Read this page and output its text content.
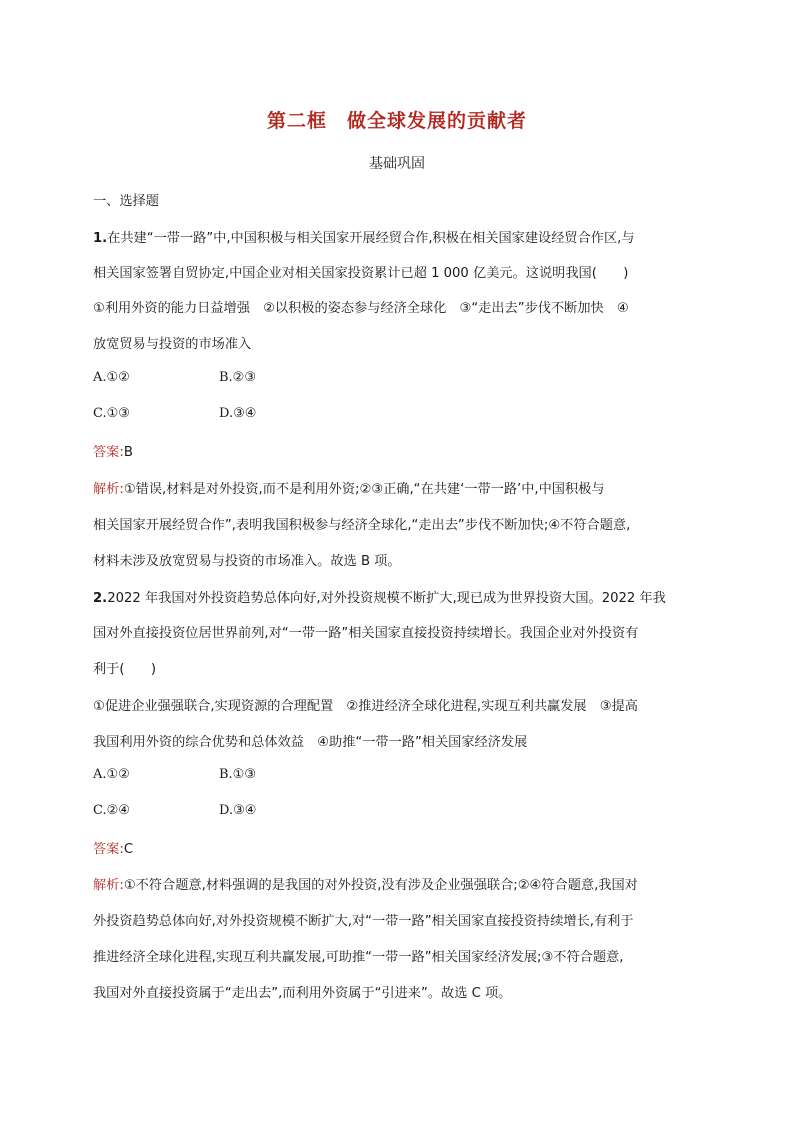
第二框　做全球发展的贡献者
基础巩固
一、选择题
1.在共建“一带一路”中,中国积极与相关国家开展经贸合作,积极在相关国家建设经贸合作区,与
相关国家签署自贸协定,中国企业对相关国家投资累计已超 1 000 亿美元。这说明我国(　　)
①利用外资的能力日益增强　②以积极的姿态参与经济全球化　③“走出去”步伐不断加快　④
放宽贸易与投资的市场准入
A.①②	B.②③
C.①③	D.③④
答案:B
解析:①错误,材料是对外投资,而不是利用外资;②③正确,“在共建‘一带一路’中,中国积极与
相关国家开展经贸合作”,表明我国积极参与经济全球化,“走出去”步伐不断加快;④不符合题意,
材料未涉及放宽贸易与投资的市场准入。故选 B 项。
2.2022 年我国对外投资趋势总体向好,对外投资规模不断扩大,现已成为世界投资大国。2022 年我
国对外直接投资位居世界前列,对“一带一路”相关国家直接投资持续增长。我国企业对外投资有
利于(　　)
①促进企业强强联合,实现资源的合理配置　②推进经济全球化进程,实现互利共赢发展　③提高
我国利用外资的综合优势和总体效益　④助推“一带一路”相关国家经济发展
A.①②	B.①③
C.②④	D.③④
答案:C
解析:①不符合题意,材料强调的是我国的对外投资,没有涉及企业强强联合;②④符合题意,我国对
外投资趋势总体向好,对外投资规模不断扩大,对“一带一路”相关国家直接投资持续增长,有利于
推进经济全球化进程,实现互利共赢发展,可助推“一带一路”相关国家经济发展;③不符合题意,
我国对外直接投资属于“走出去”,而利用外资属于“引进来”。故选 C 项。
